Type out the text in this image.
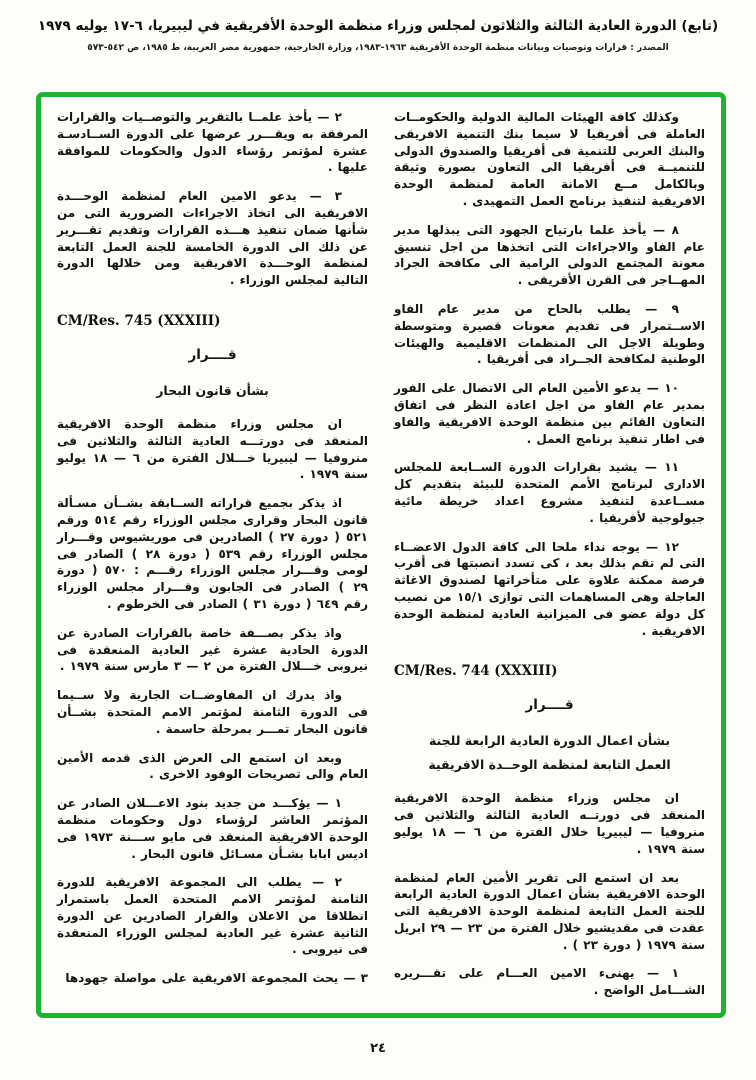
(تابع) الدورة العادية الثالثة والثلاثون لمجلس وزراء منظمة الوحدة الأفريقية في ليبيريا، ٦-١٧ يوليه ١٩٧٩
المصدر : قرارات وتوصيات وبيانات منظمة الوحدة الأفريقية ١٩٦٣-١٩٨٣، وزارة الخارجية، جمهورية مصر العربية، ط ١٩٨٥، ص ٥٤٢-٥٧٣

وكذلك كافة الهيئات المالية الدولية والحكومــات العاملة فى أفريقيا لا سيما بنك التنمية الافريقى والبنك العربى للتنمية فى أفريقيا والصندوق الدولى للتنميــة فى أفريقيا الى التعاون بصورة وثيقة وبالكامل مــع الامانة العامة لمنظمة الوحدة الافريقية لتنفيذ برنامج العمل التمهيدى .

٨ — يأخذ علما بارتياح الجهود التى يبذلها مدير عام الفاو والاجراءات التى اتخذها من اجل تنسيق معونة المجتمع الدولى الرامية الى مكافحة الجراد المهــاجر فى القرن الأفريقى .

٩ — يطلب بالحاح من مدير عام الفاو الاســتمرار فى تقديم معونات قصيرة ومتوسطة وطويلة الاجل الى المنظمات الاقليمية والهيئات الوطنية لمكافحة الجــراد فى أفريقيا .

١٠ — يدعو الأمين العام الى الاتصال على الفور بمدير عام الفاو من اجل اعادة النظر فى اتفاق التعاون القائم بين منظمة الوحدة الافريقية والفاو فى اطار تنفيذ برنامج العمل .

١١ — يشيد بقرارات الدورة الســابعة للمجلس الادارى لبرنامج الأمم المتحدة للبيئة بتقديم كل مســاعدة لتنفيذ مشروع اعداد خريطة مائية جيولوجية لأفريقيا .

١٢ — يوجه نداء ملحا الى كافة الدول الاعضــاء التى لم تقم بذلك بعد ، كى تسدد انصبتها فى أقرب فرصة ممكنة علاوة على متأخراتها لصندوق الاغاثة العاجلة وهى المساهمات التى توازى ١٥/١ من نصيب كل دولة عضو فى الميزانية العادية لمنظمة الوحدة الافريقية .

CM/Res. 744 (XXXIII)
قــــرار
بشأن اعمال الدورة العادية الرابعة للجنة
العمل التابعة لمنظمة الوحــدة الافريقية

ان مجلس وزراء منظمة الوحدة الافريقية المنعقد فى دورتــه العادية الثالثة والثلاثين فى منروفيا — ليبيريا خلال الفترة من ٦ — ١٨ يوليو سنة ١٩٧٩ .

بعد ان استمع الى تقرير الأمين العام لمنظمة الوحدة الافريقية بشأن اعمال الدورة العادية الرابعة للجنة العمل التابعة لمنظمة الوحدة الافريقية التى عقدت فى مقديشيو خلال الفترة من ٢٣ — ٢٩ ابريل سنة ١٩٧٩ ( دورة ٢٣ ) .

١ — يهنىء الامين العـــام على تقـــريره الشـــامل الواضح .

٢ — يأخذ علمــا بالتقرير والتوصــيات والقرارات المرفقة به ويقـــرر عرضها على الدورة الســادسـة عشرة لمؤتمر رؤساء الدول والحكومات للموافقة عليها .

٣ — يدعو الامين العام لمنظمة الوحـــدة الافريقية الى اتخاذ الاجراءات الضرورية التى من شأنها ضمان تنفيذ هـــذه القرارات وتقديم تقـــرير عن ذلك الى الدورة الخامسة للجنة العمل التابعة لمنظمة الوحـــدة الافريقية ومن خلالها الدورة التالية لمجلس الوزراء .

CM/Res. 745 (XXXIII)
قــــرار
بشأن قانون البحار

ان مجلس وزراء منظمة الوحدة الافريقية المنعقد فى دورتـــه العادية الثالثة والثلاثين فى منروفيا — ليبيريا خـــلال الفترة من ٦ — ١٨ يوليو سنة ١٩٧٩ .

اذ يذكر بجميع قراراته الســابقة بشــأن مسـألة قانون البحار وقرارى مجلس الوزراء رقم ٥١٤ ورقم ٥٢١ ( دورة ٢٧ ) الصادرين فى موريشيوس وقـــرار مجلس الوزراء رقم ٥٣٩ ( دورة ٢٨ ) الصادر فى لومى وقـــرار مجلس الوزراء رقـــم : ٥٧٠ ( دورة ٢٩ ) الصادر فى الجابون وقـــرار مجلس الوزراء رقم ٦٤٩ ( دورة ٣١ ) الصادر فى الخرطوم .

واذ يذكر بصـــفة خاصة بالقرارات الصادرة عن الدورة الحادية عشرة غير العادية المنعقدة فى نيروبى خـــلال الفترة من ٢ — ٣ مارس سنة ١٩٧٩ .

واذ يدرك ان المفاوضــات الجارية ولا ســيما فى الدورة الثامنة لمؤتمر الامم المتحدة بشــأن قانون البحار تمـــر بمرحلة حاسمة .

وبعد ان استمع الى العرض الذى قدمه الأمين العام والى تصريحات الوفود الاخرى .

١ — يؤكـــد من جديد بنود الاعـــلان الصادر عن المؤتمر العاشر لرؤساء دول وحكومات منظمة الوحدة الافريقية المنعقد فى مايو ســـنة ١٩٧٣ فى اديس ابابا بشـأن مسـائل قانون البحار .

٢ — يطلب الى المجموعة الافريقية للدورة الثامنة لمؤتمر الامم المتحدة العمل باستمرار انطلاقا من الاعلان والقرار الصادرين عن الدورة الثانية عشرة غير العادية لمجلس الوزراء المنعقدة فى نيروبى .

٣ — يحث المجموعة الافريقية على مواصلة جهودها

٢٤
